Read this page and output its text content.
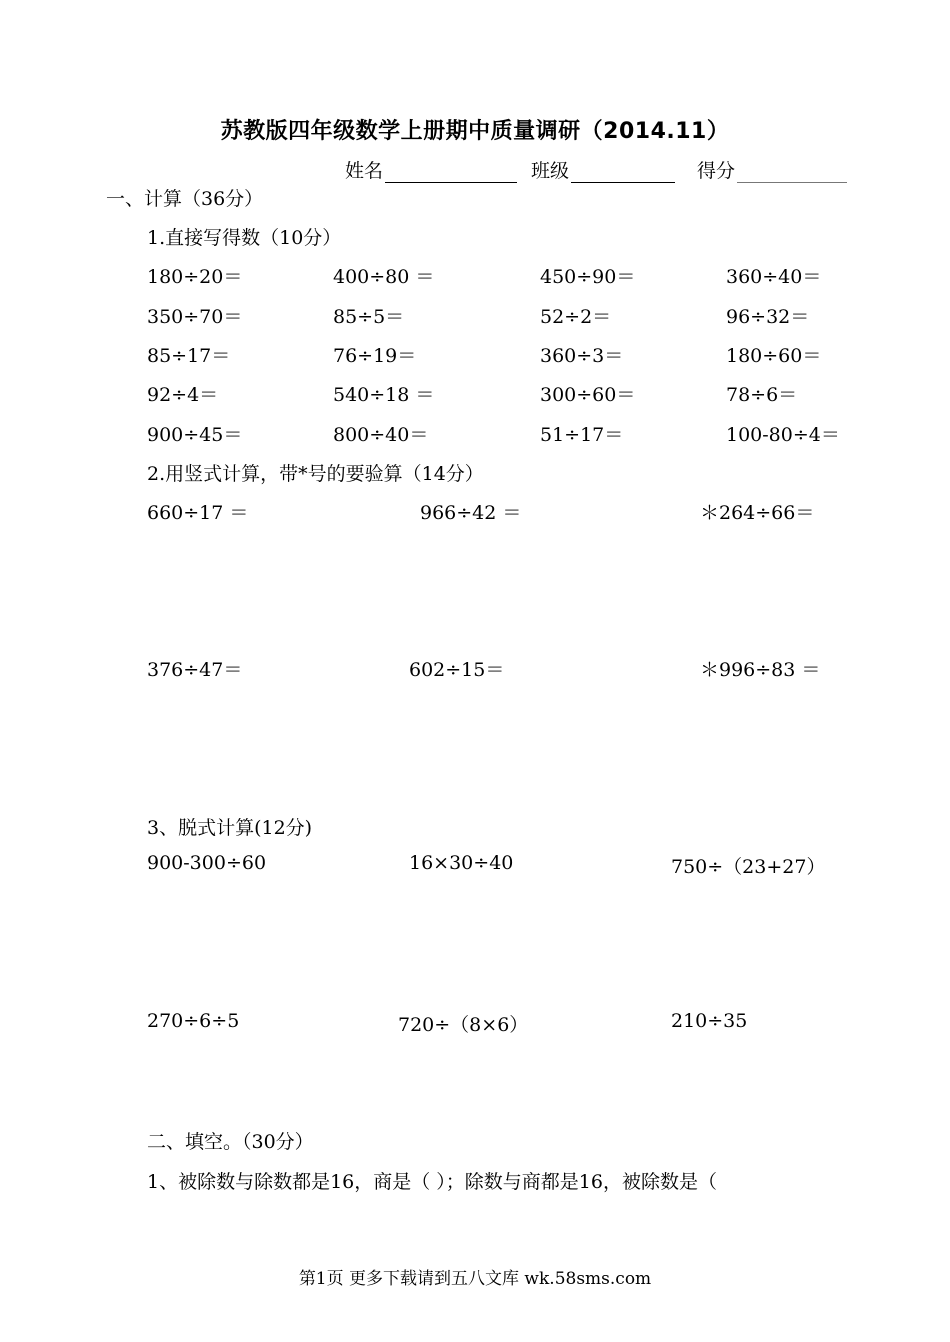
苏教版四年级数学上册期中质量调研（2014.11）
姓名	班级	得分
一、计算（36分）
1.直接写得数（10分）
180÷20＝	400÷80 ＝	450÷90＝	360÷40＝
350÷70＝	85÷5＝	52÷2＝	96÷32＝
85÷17＝	76÷19＝	360÷3＝	180÷60＝
92÷4＝	540÷18 ＝	300÷60＝	78÷6＝
900÷45＝	800÷40＝	51÷17＝	100-80÷4＝
2.用竖式计算，带*号的要验算（14分）
660÷17 ＝	966÷42 ＝	＊264÷66＝
376÷47＝	602÷15＝	＊996÷83 ＝
3、脱式计算(12分)
900-300÷60	16×30÷40	750÷（23+27）
270÷6÷5	720÷（8×6）	210÷35
二、填空。（30分）
1、被除数与除数都是16，商是（ ）；除数与商都是16，被除数是（
第1页 更多下载请到五八文库 wk.58sms.com
